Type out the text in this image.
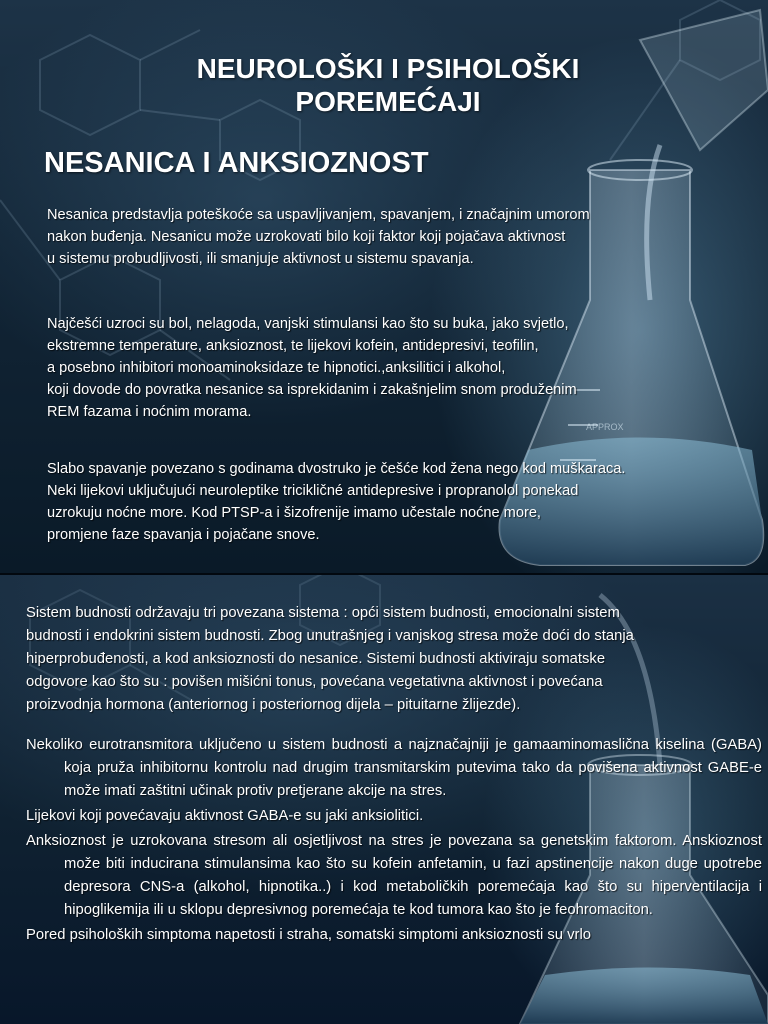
APPROX
NEUROLOŠKI I PSIHOLOŠKI
POREMEĆAJI
NESANICA I ANKSIOZNOST
Nesanica predstavlja poteškoće sa uspavljivanjem, spavanjem, i značajnim umorom
nakon buđenja. Nesanicu može uzrokovati bilo koji faktor koji pojačava aktivnost
u sistemu probudljivosti, ili smanjuje aktivnost u sistemu spavanja.
Najčešći uzroci su bol, nelagoda, vanjski stimulansi kao što su buka, jako svjetlo,
ekstremne temperature, anksioznost, te lijekovi kofein, antidepresivi, teofilin,
a posebno inhibitori monoaminoksidaze te hipnotici.,anksilitici i alkohol,
koji dovode do povratka nesanice sa isprekidanim i zakašnjelim snom produženim
REM fazama i noćnim morama.
Slabo spavanje povezano s godinama dvostruko je češće kod žena nego kod muškaraca.
Neki lijekovi uključujući neuroleptike tricikličné antidepresive i propranolol ponekad
uzrokuju noćne more. Kod PTSP-a i šizofrenije imamo učestale noćne more,
promjene faze spavanja i pojačane snove.
Sistem budnosti održavaju tri povezana sistema : opći sistem budnosti, emocionalni sistem
budnosti i endokrini sistem budnosti. Zbog unutrašnjeg i vanjskog stresa može doći do stanja
hiperprobuđenosti, a kod anksioznosti do nesanice. Sistemi budnosti aktiviraju somatske
odgovore kao što su : povišen mišićni tonus, povećana vegetativna aktivnost i povećana
proizvodnja hormona (anteriornog i posteriornog dijela – pituitarne žlijezde).
Nekoliko eurotransmitora uključeno u sistem budnosti a najznačajniji je gamaaminomaslična kiselina (GABA) koja pruža inhibitornu kontrolu nad drugim transmitarskim putevima tako da povišena aktivnost GABE-e može imati zaštitni učinak protiv pretjerane akcije na stres.
Lijekovi koji povećavaju aktivnost GABA-e su jaki anksiolitici.
Anksioznost je uzrokovana stresom ali osjetljivost na stres je povezana sa genetskim faktorom. Anskioznost može biti inducirana stimulansima kao što su kofein anfetamin, u fazi apstinencije nakon duge upotrebe depresora CNS-a (alkohol, hipnotika..) i kod metaboličkih poremećaja kao što su hiperventilacija i hipoglikemija ili u sklopu depresivnog poremećaja te kod tumora kao što je feohromaciton.
Pored psiholoških simptoma napetosti i straha, somatski simptomi anksioznosti su vrlo
